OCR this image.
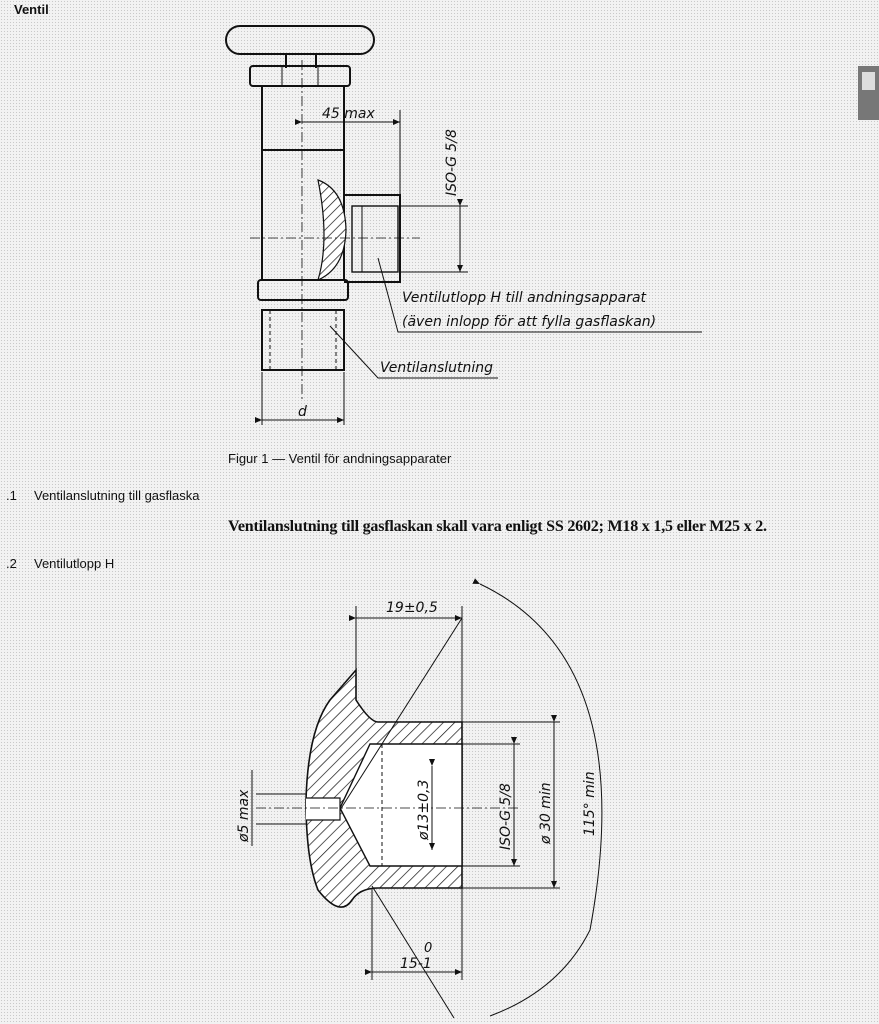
Ventil
45 max
ISO-G 5/8
d
Ventilutlopp H till andningsapparat
(även inlopp för att fylla gasflaskan)
Ventilanslutning
Figur 1 — Ventil för andningsapparater
.1 Ventilanslutning till gasflaska
Ventilanslutning till gasflaskan skall vara enligt SS 2602; M18 x 1,5 eller M25 x 2.
.2 Ventilutlopp H
19±0,5
115° min
ø5 max	ø13±0,3	ISO-G 5/8 ø 30 min
0
15-1
